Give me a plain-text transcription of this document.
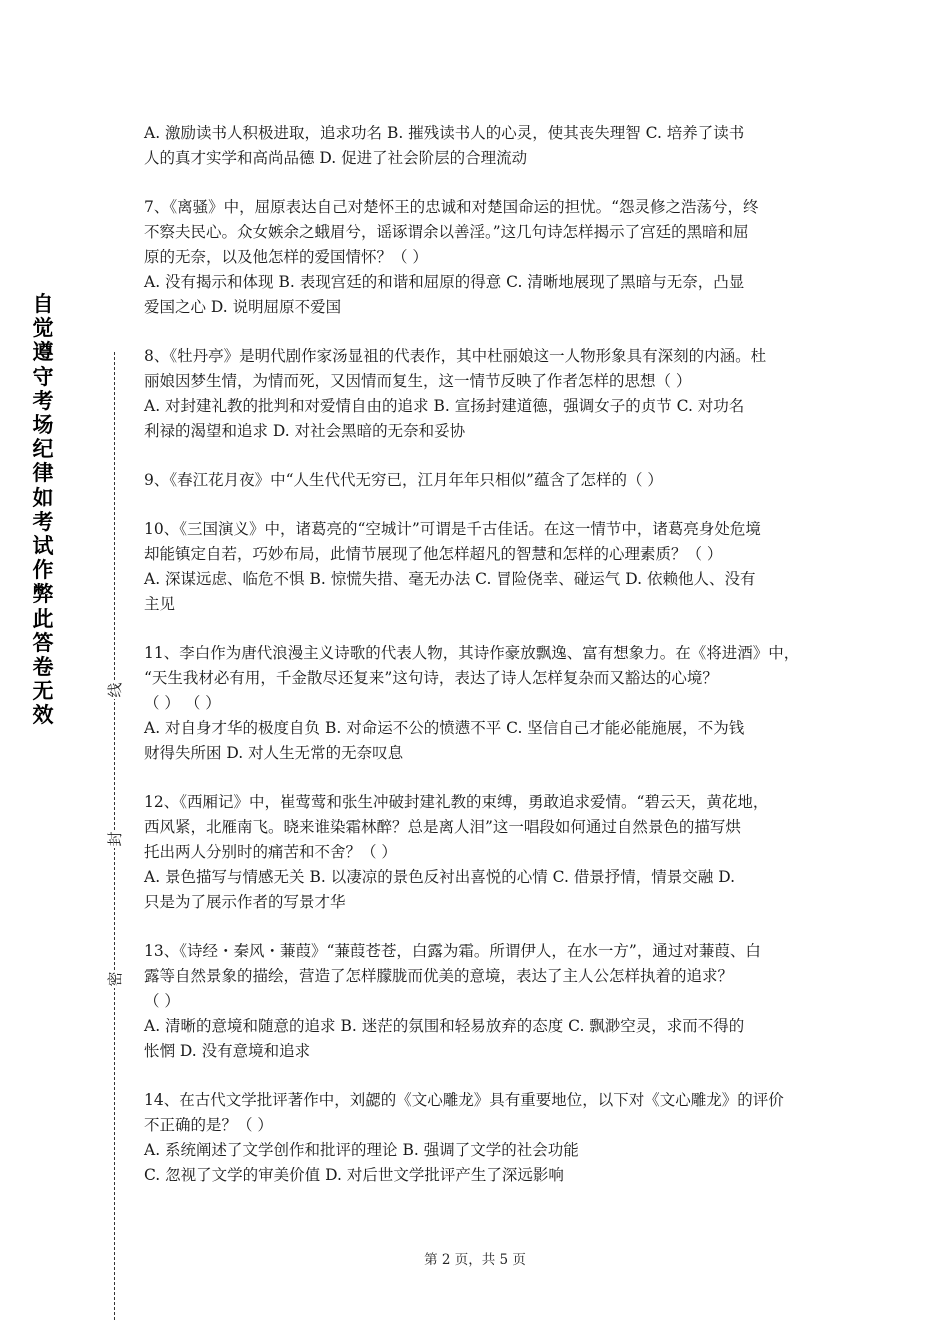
自觉遵守考场纪律如考试作弊此答卷无效
线
封
密

A. 激励读书人积极进取，追求功名 B. 摧残读书人的心灵，使其丧失理智 C. 培养了读书

人的真才实学和高尚品德 D. 促进了社会阶层的合理流动

7、《离骚》中，屈原表达自己对楚怀王的忠诚和对楚国命运的担忧。“怨灵修之浩荡兮，终

不察夫民心。众女嫉余之蛾眉兮，谣诼谓余以善淫。”这几句诗怎样揭示了宫廷的黑暗和屈

原的无奈，以及他怎样的爱国情怀？（ ）

A. 没有揭示和体现 B. 表现宫廷的和谐和屈原的得意 C. 清晰地展现了黑暗与无奈，凸显

爱国之心 D. 说明屈原不爱国

8、《牡丹亭》是明代剧作家汤显祖的代表作，其中杜丽娘这一人物形象具有深刻的内涵。杜

丽娘因梦生情，为情而死，又因情而复生，这一情节反映了作者怎样的思想（ ）

A. 对封建礼教的批判和对爱情自由的追求 B. 宣扬封建道德，强调女子的贞节 C. 对功名

利禄的渴望和追求 D. 对社会黑暗的无奈和妥协

9、《春江花月夜》中“人生代代无穷已，江月年年只相似”蕴含了怎样的（ ）

10、《三国演义》中，诸葛亮的“空城计”可谓是千古佳话。在这一情节中，诸葛亮身处危境

却能镇定自若，巧妙布局，此情节展现了他怎样超凡的智慧和怎样的心理素质？（ ）

A. 深谋远虑、临危不惧 B. 惊慌失措、毫无办法 C. 冒险侥幸、碰运气 D. 依赖他人、没有

主见

11、李白作为唐代浪漫主义诗歌的代表人物，其诗作豪放飘逸、富有想象力。在《将进酒》中，

“天生我材必有用，千金散尽还复来”这句诗，表达了诗人怎样复杂而又豁达的心境？

（ ） （ ）

A. 对自身才华的极度自负 B. 对命运不公的愤懑不平 C. 坚信自己才能必能施展，不为钱

财得失所困 D. 对人生无常的无奈叹息

12、《西厢记》中，崔莺莺和张生冲破封建礼教的束缚，勇敢追求爱情。“碧云天，黄花地，

西风紧，北雁南飞。晓来谁染霜林醉？总是离人泪”这一唱段如何通过自然景色的描写烘

托出两人分别时的痛苦和不舍？（ ）

A. 景色描写与情感无关 B. 以凄凉的景色反衬出喜悦的心情 C. 借景抒情，情景交融 D.

只是为了展示作者的写景才华

13、《诗经・秦风・蒹葭》“蒹葭苍苍，白露为霜。所谓伊人，在水一方”，通过对蒹葭、白

露等自然景象的描绘，营造了怎样朦胧而优美的意境，表达了主人公怎样执着的追求？

（ ）

A. 清晰的意境和随意的追求 B. 迷茫的氛围和轻易放弃的态度 C. 飘渺空灵，求而不得的

怅惘 D. 没有意境和追求

14、在古代文学批评著作中，刘勰的《文心雕龙》具有重要地位，以下对《文心雕龙》的评价

不正确的是？（ ）

A. 系统阐述了文学创作和批评的理论 B. 强调了文学的社会功能

C. 忽视了文学的审美价值 D. 对后世文学批评产生了深远影响

第 2 页，共 5 页
